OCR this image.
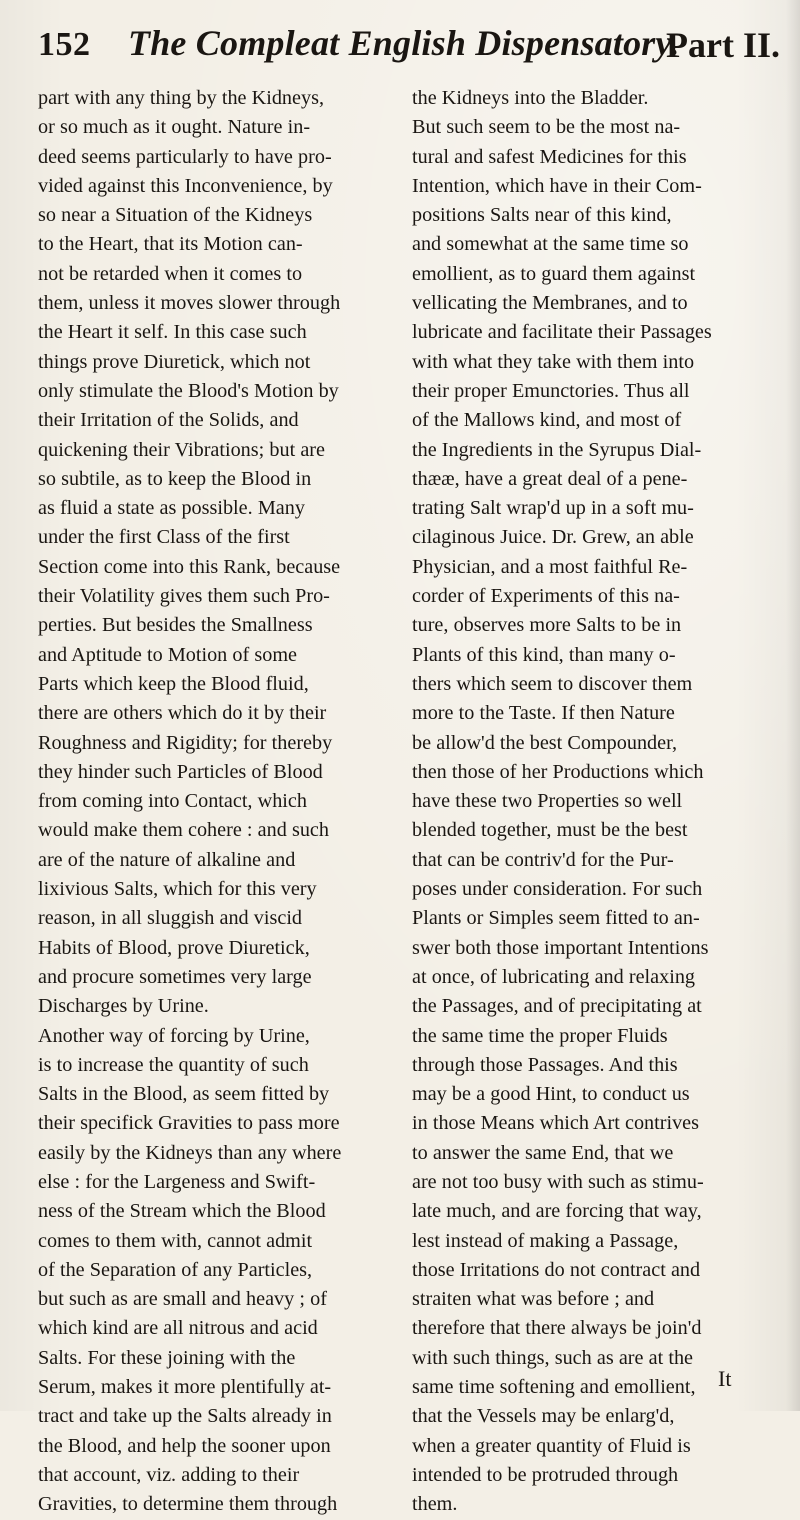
152 The Compleat English Dispensatory.
Part II.
part with any thing by the Kidneys,
or so much as it ought. Nature in-
deed seems particularly to have pro-
vided against this Inconvenience, by
so near a Situation of the Kidneys
to the Heart, that its Motion can-
not be retarded when it comes to
them, unless it moves slower through
the Heart it self. In this case such
things prove Diuretick, which not
only stimulate the Blood's Motion by
their Irritation of the Solids, and
quickening their Vibrations; but are
so subtile, as to keep the Blood in
as fluid a state as possible. Many
under the first Class of the first
Section come into this Rank, because
their Volatility gives them such Pro-
perties. But besides the Smallness
and Aptitude to Motion of some
Parts which keep the Blood fluid,
there are others which do it by their
Roughness and Rigidity; for thereby
they hinder such Particles of Blood
from coming into Contact, which
would make them cohere : and such
are of the nature of alkaline and
lixivious Salts, which for this very
reason, in all sluggish and viscid
Habits of Blood, prove Diuretick,
and procure sometimes very large
Discharges by Urine.
Another way of forcing by Urine,
is to increase the quantity of such
Salts in the Blood, as seem fitted by
their specifick Gravities to pass more
easily by the Kidneys than any where
else : for the Largeness and Swift-
ness of the Stream which the Blood
comes to them with, cannot admit
of the Separation of any Particles,
but such as are small and heavy ; of
which kind are all nitrous and acid
Salts. For these joining with the
Serum, makes it more plentifully at-
tract and take up the Salts already in
the Blood, and help the sooner upon
that account, viz. adding to their
Gravities, to determine them through
the Kidneys into the Bladder.
But such seem to be the most na-
tural and safest Medicines for this
Intention, which have in their Com-
positions Salts near of this kind,
and somewhat at the same time so
emollient, as to guard them against
vellicating the Membranes, and to
lubricate and facilitate their Passages
with what they take with them into
their proper Emunctories. Thus all
of the Mallows kind, and most of
the Ingredients in the Syrupus Dial-
thææ, have a great deal of a pene-
trating Salt wrap'd up in a soft mu-
cilaginous Juice. Dr. Grew, an able
Physician, and a most faithful Re-
corder of Experiments of this na-
ture, observes more Salts to be in
Plants of this kind, than many o-
thers which seem to discover them
more to the Taste. If then Nature
be allow'd the best Compounder,
then those of her Productions which
have these two Properties so well
blended together, must be the best
that can be contriv'd for the Pur-
poses under consideration. For such
Plants or Simples seem fitted to an-
swer both those important Intentions
at once, of lubricating and relaxing
the Passages, and of precipitating at
the same time the proper Fluids
through those Passages. And this
may be a good Hint, to conduct us
in those Means which Art contrives
to answer the same End, that we
are not too busy with such as stimu-
late much, and are forcing that way,
lest instead of making a Passage,
those Irritations do not contract and
straiten what was before ; and
therefore that there always be join'd
with such things, such as are at the
same time softening and emollient,
that the Vessels may be enlarg'd,
when a greater quantity of Fluid is
intended to be protruded through
them.
It
